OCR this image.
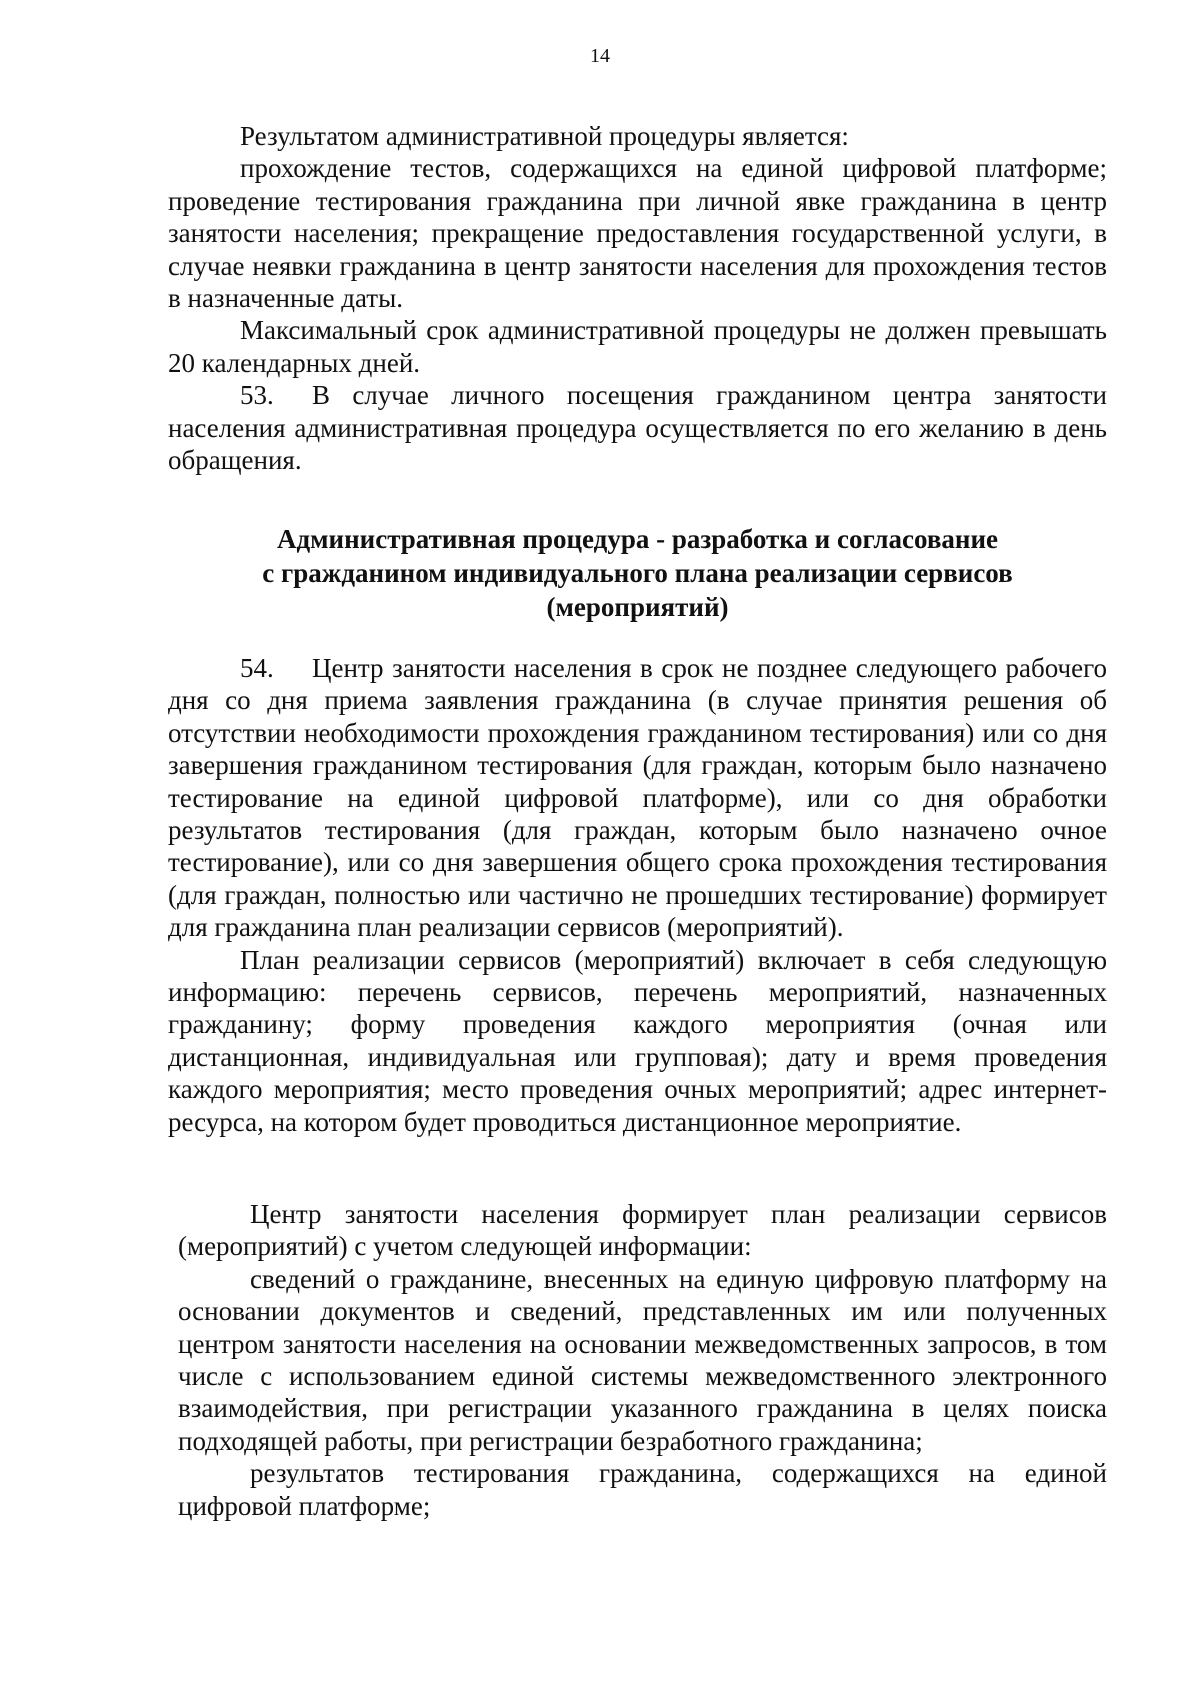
14

Результатом административной процедуры является:

прохождение тестов, содержащихся на единой цифровой платформе; проведение тестирования гражданина при личной явке гражданина в центр занятости населения; прекращение предоставления государственной услуги, в случае неявки гражданина в центр занятости населения для прохождения тестов в назначенные даты.

Максимальный срок административной процедуры не должен превышать 20 календарных дней.

53. В случае личного посещения гражданином центра занятости населения административная процедура осуществляется по его желанию в день обращения.

Административная процедура - разработка и согласование
с гражданином индивидуального плана реализации сервисов
(мероприятий)

54. Центр занятости населения в срок не позднее следующего рабочего дня со дня приема заявления гражданина (в случае принятия решения об отсутствии необходимости прохождения гражданином тестирования) или со дня завершения гражданином тестирования (для граждан, которым было назначено тестирование на единой цифровой платформе), или со дня обработки результатов тестирования (для граждан, которым было назначено очное тестирование), или со дня завершения общего срока прохождения тестирования (для граждан, полностью или частично не прошедших тестирование) формирует для гражданина план реализации сервисов (мероприятий).

План реализации сервисов (мероприятий) включает в себя следующую информацию: перечень сервисов, перечень мероприятий, назначенных гражданину; форму проведения каждого мероприятия (очная или дистанционная, индивидуальная или групповая); дату и время проведения каждого мероприятия; место проведения очных мероприятий; адрес интернет-ресурса, на котором будет проводиться дистанционное мероприятие.

Центр занятости населения формирует план реализации сервисов (мероприятий) с учетом следующей информации:

сведений о гражданине, внесенных на единую цифровую платформу на основании документов и сведений, представленных им или полученных центром занятости населения на основании межведомственных запросов, в том числе с использованием единой системы межведомственного электронного взаимодействия, при регистрации указанного гражданина в целях поиска подходящей работы, при регистрации безработного гражданина;

результатов тестирования гражданина, содержащихся на единой цифровой платформе;
